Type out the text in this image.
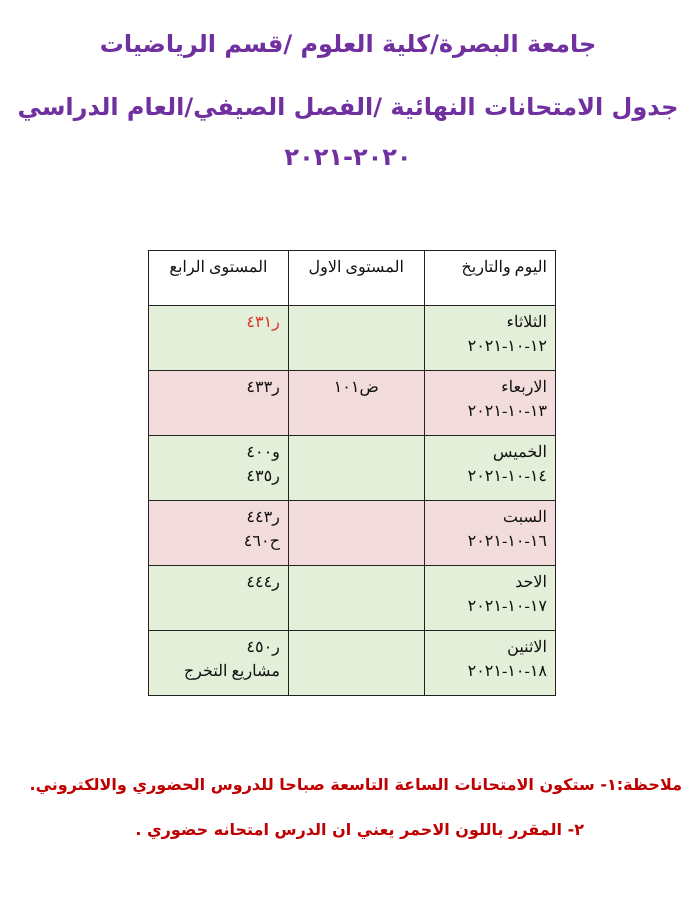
جامعة البصرة/كلية العلوم /قسم الرياضيات
جدول الامتحانات النهائية /الفصل الصيفي/العام الدراسي
٢٠٢٠-٢٠٢١
اليوم والتاريخ	المستوى الاول	المستوى الرابع

الثلاثاء
١٢-١٠-٢٠٢١		ر٤٣١

الاربعاء
١٣-١٠-٢٠٢١	ض١٠١	ر٤٣٣

الخميس
١٤-١٠-٢٠٢١		و٤٠٠
ر٤٣٥

السبت
١٦-١٠-٢٠٢١		ر٤٤٣
ح٤٦٠

الاحد
١٧-١٠-٢٠٢١		ر٤٤٤

الاثنين
١٨-١٠-٢٠٢١		ر٤٥٠
مشاريع التخرج
ملاحظة:١- ستكون الامتحانات الساعة التاسعة صباحا للدروس الحضوري والالكتروني.
٢- المقرر باللون الاحمر يعني ان الدرس امتحانه حضوري .
